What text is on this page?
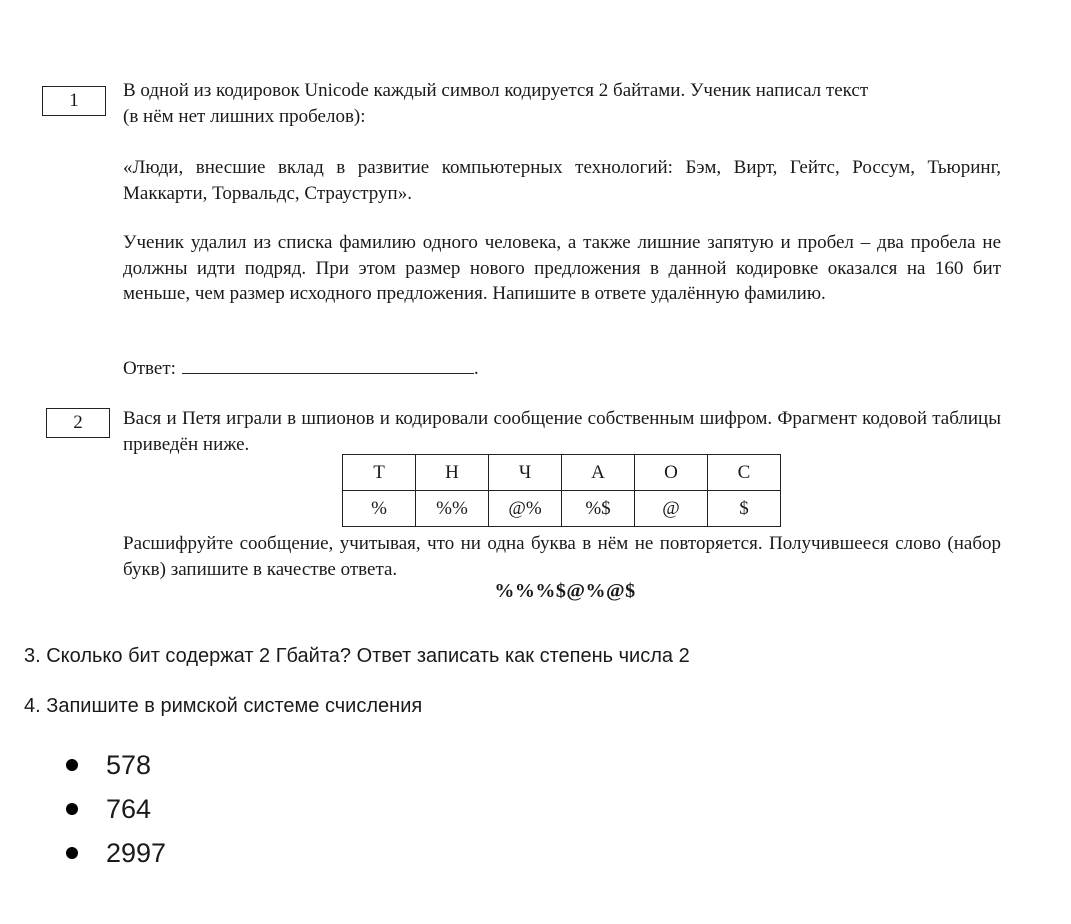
1	В одной из кодировок Unicode каждый символ кодируется 2 байтами. Ученик написал текст

(в нём нет лишних пробелов):

«Люди, внесшие вклад в развитие компьютерных технологий: Бэм, Вирт, Гейтс, Россум, Тьюринг, Маккарти, Торвальдс, Страуструп».

Ученик удалил из списка фамилию одного человека, а также лишние запятую и пробел – два пробела не должны идти подряд. При этом размер нового предложения в данной кодировке оказался на 160 бит меньше, чем размер исходного предложения. Напишите в ответе удалённую фамилию.

Ответ:	.
2	Вася и Петя играли в шпионов и кодировали сообщение собственным шифром. Фрагмент кодовой таблицы приведён ниже.

Т	Н	Ч	А	О	С
%	%%	@%	%$	@	$

Расшифруйте сообщение, учитывая, что ни одна буква в нём не повторяется. Получившееся слово (набор букв) запишите в качестве ответа.

%%%$@%@$
3. Сколько бит содержат 2 Гбайта? Ответ записать как степень числа 2
4. Запишите в римской системе счисления
578
764
2997
